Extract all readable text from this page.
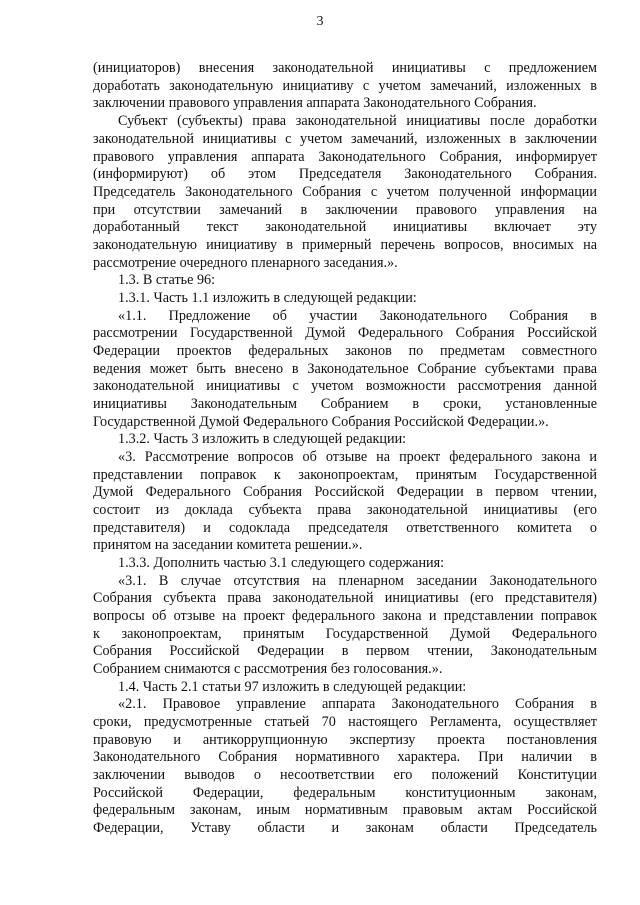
3
(инициаторов) внесения законодательной инициативы с предложением
доработать законодательную инициативу с учетом замечаний, изложенных в
заключении правового управления аппарата Законодательного Собрания.
Субъект (субъекты) права законодательной инициативы после доработки
законодательной инициативы с учетом замечаний, изложенных в заключении
правового управления аппарата Законодательного Собрания, информирует
(информируют) об этом Председателя Законодательного Собрания.
Председатель Законодательного Собрания с учетом полученной информации
при отсутствии замечаний в заключении правового управления на
доработанный текст законодательной инициативы включает эту
законодательную инициативу в примерный перечень вопросов, вносимых на
рассмотрение очередного пленарного заседания.».
1.3. В статье 96:
1.3.1. Часть 1.1 изложить в следующей редакции:
«1.1. Предложение об участии Законодательного Собрания в
рассмотрении Государственной Думой Федерального Собрания Российской
Федерации проектов федеральных законов по предметам совместного
ведения может быть внесено в Законодательное Собрание субъектами права
законодательной инициативы с учетом возможности рассмотрения данной
инициативы Законодательным Собранием в сроки, установленные
Государственной Думой Федерального Собрания Российской Федерации.».
1.3.2. Часть 3 изложить в следующей редакции:
«3. Рассмотрение вопросов об отзыве на проект федерального закона и
представлении поправок к законопроектам, принятым Государственной
Думой Федерального Собрания Российской Федерации в первом чтении,
состоит из доклада субъекта права законодательной инициативы (его
представителя) и содоклада председателя ответственного комитета о
принятом на заседании комитета решении.».
1.3.3. Дополнить частью 3.1 следующего содержания:
«3.1. В случае отсутствия на пленарном заседании Законодательного
Собрания субъекта права законодательной инициативы (его представителя)
вопросы об отзыве на проект федерального закона и представлении поправок
к законопроектам, принятым Государственной Думой Федерального
Собрания Российской Федерации в первом чтении, Законодательным
Собранием снимаются с рассмотрения без голосования.».
1.4. Часть 2.1 статьи 97 изложить в следующей редакции:
«2.1. Правовое управление аппарата Законодательного Собрания в
сроки, предусмотренные статьей 70 настоящего Регламента, осуществляет
правовую и антикоррупционную экспертизу проекта постановления
Законодательного Собрания нормативного характера. При наличии в
заключении выводов о несоответствии его положений Конституции
Российской Федерации, федеральным конституционным законам,
федеральным законам, иным нормативным правовым актам Российской
Федерации, Уставу области и законам области Председатель
